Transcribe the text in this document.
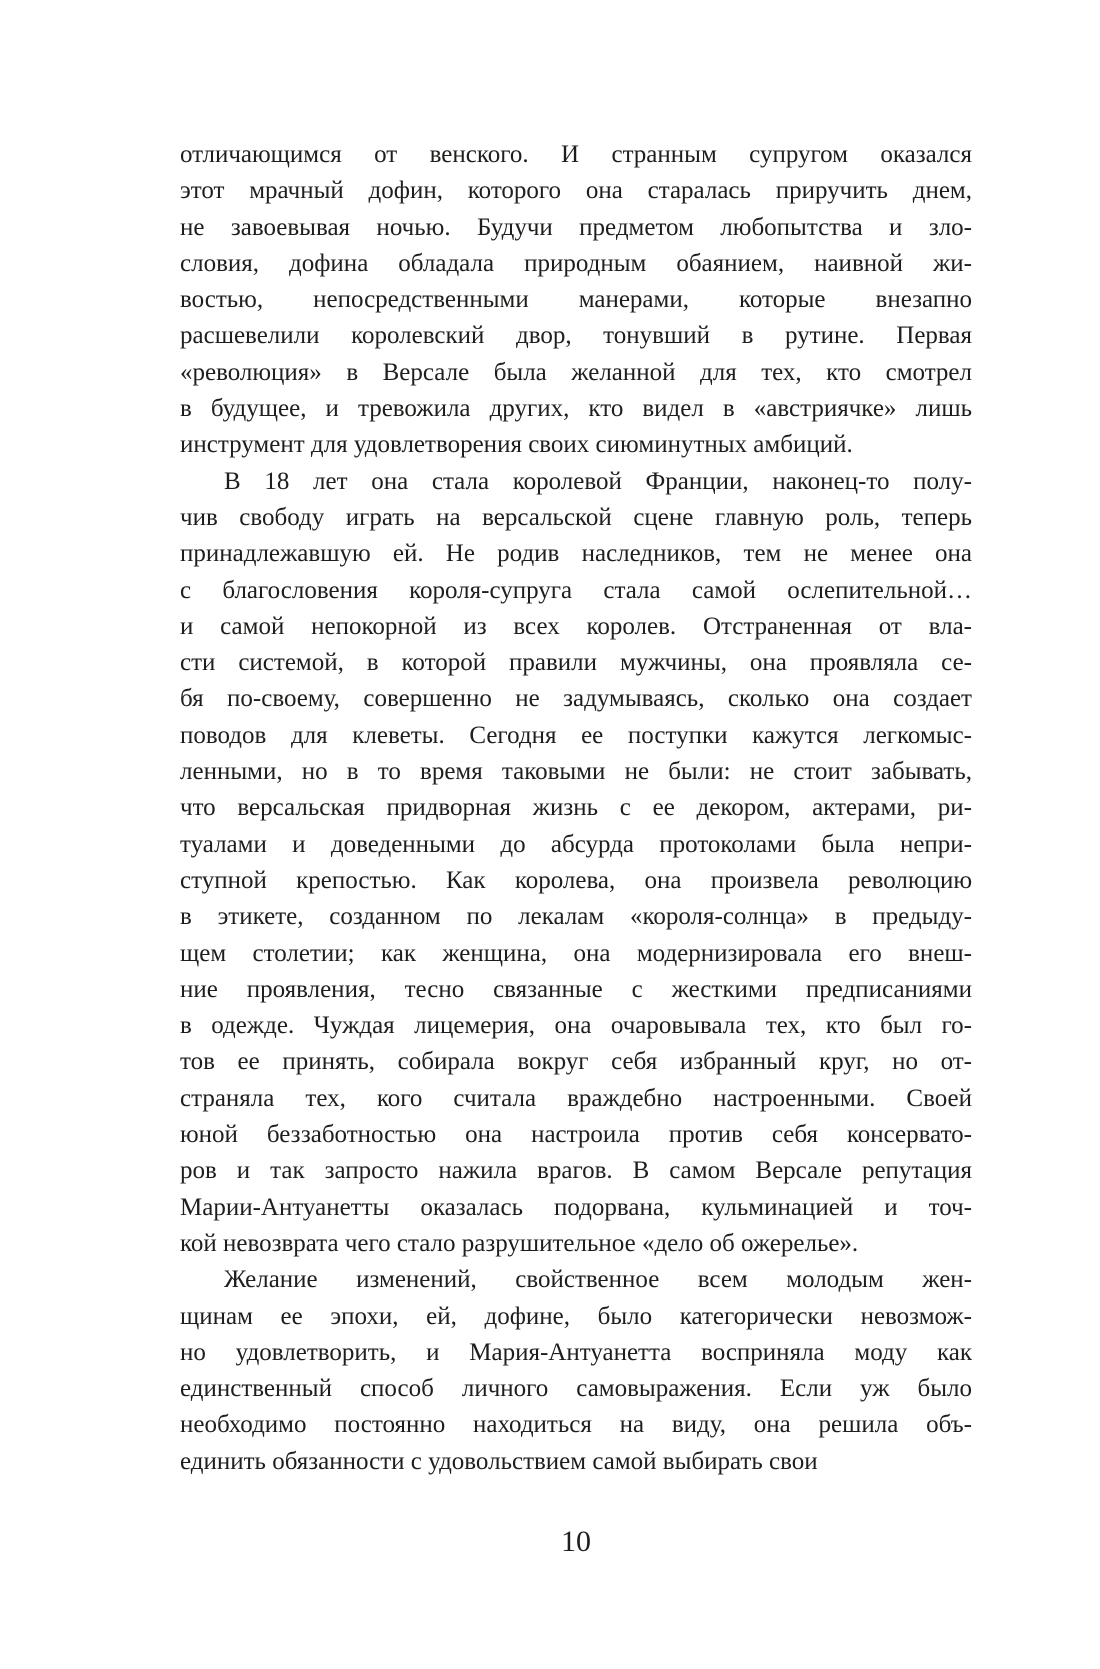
отличающимся от венского. И странным супругом оказался
этот мрачный дофин, которого она старалась приручить днем,
не завоевывая ночью. Будучи предметом любопытства и зло-
словия, дофина обладала природным обаянием, наивной жи-
востью, непосредственными манерами, которые внезапно
расшевелили королевский двор, тонувший в рутине. Первая
«революция» в Версале была желанной для тех, кто смотрел
в будущее, и тревожила других, кто видел в «австриячке» лишь
инструмент для удовлетворения своих сиюминутных амбиций.
В 18 лет она стала королевой Франции, наконец-то полу-
чив свободу играть на версальской сцене главную роль, теперь
принадлежавшую ей. Не родив наследников, тем не менее она
с благословения короля-супруга стала самой ослепительной…
и самой непокорной из всех королев. Отстраненная от вла-
сти системой, в которой правили мужчины, она проявляла се-
бя по-своему, совершенно не задумываясь, сколько она создает
поводов для клеветы. Сегодня ее поступки кажутся легкомыс-
ленными, но в то время таковыми не были: не стоит забывать,
что версальская придворная жизнь с ее декором, актерами, ри-
туалами и доведенными до абсурда протоколами была непри-
ступной крепостью. Как королева, она произвела революцию
в этикете, созданном по лекалам «короля-солнца» в предыду-
щем столетии; как женщина, она модернизировала его внеш-
ние проявления, тесно связанные с жесткими предписаниями
в одежде. Чуждая лицемерия, она очаровывала тех, кто был го-
тов ее принять, собирала вокруг себя избранный круг, но от-
страняла тех, кого считала враждебно настроенными. Своей
юной беззаботностью она настроила против себя консервато-
ров и так запросто нажила врагов. В самом Версале репутация
Марии-Антуанетты оказалась подорвана, кульминацией и точ-
кой невозврата чего стало разрушительное «дело об ожерелье».
Желание изменений, свойственное всем молодым жен-
щинам ее эпохи, ей, дофине, было категорически невозмож-
но удовлетворить, и Мария-Антуанетта восприняла моду как
единственный способ личного самовыражения. Если уж было
необходимо постоянно находиться на виду, она решила объ-
единить обязанности с удовольствием самой выбирать свои
10
